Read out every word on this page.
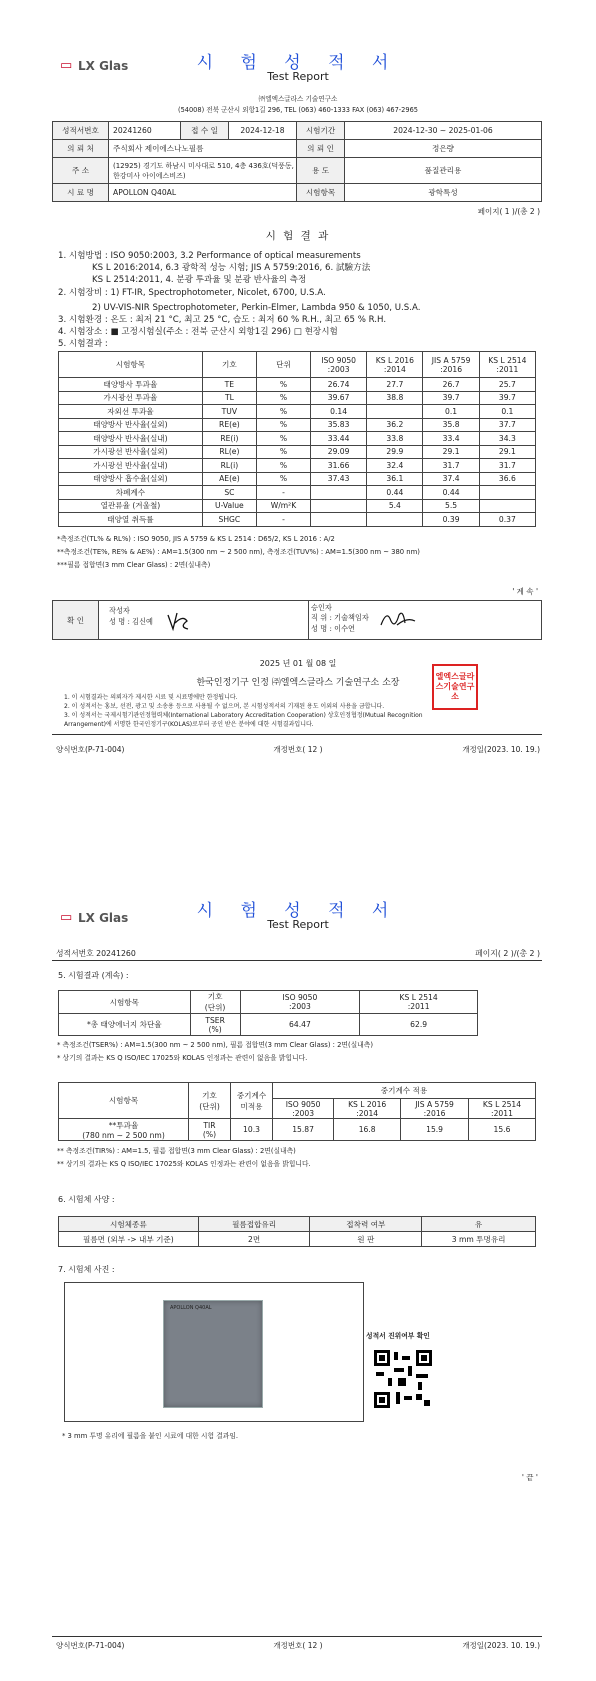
▭ LX Glas	시 험 성 적 서
Test Report
㈜엘엑스글라스 기술연구소
(54008) 전북 군산시 외항1길 296, TEL (063) 460-1333 FAX (063) 467-2965
성적서번호	20241260	접 수 일	2024-12-18	시험기간	2024-12-30 ~ 2025-01-06
의 뢰 처	주식회사 제이에스나노필름			의 뢰 인	정은량
주 소	(12925) 경기도 하남시 미사대로 510, 4층 436호(덕풍동, 한강미사 아이에스비즈)			용 도	품질관리용
시 료 명	APOLLON Q40AL			시험항목	광학특성
페이지( 1 )/(총 2 )
시 험 결 과
1. 시험방법 : ISO 9050:2003, 3.2 Performance of optical measurements
KS L 2016:2014, 6.3 광학적 성능 시험; JIS A 5759:2016, 6. 試驗方法
KS L 2514:2011, 4. 분광 투과율 및 분광 반사율의 측정
2. 시험장비 : 1) FT-IR, Spectrophotometer, Nicolet, 6700, U.S.A.
2) UV-VIS-NIR Spectrophotometer, Perkin-Elmer, Lambda 950 & 1050, U.S.A.
3. 시험환경 : 온도 : 최저 21 °C, 최고 25 °C, 습도 : 최저 60 % R.H., 최고 65 % R.H.
4. 시험장소 : ■ 고정시험실(주소 : 전북 군산시 외항1길 296) □ 현장시험
5. 시험결과 :
시험항목	기호	단위	ISO 9050
:2003	KS L 2016
:2014	JIS A 5759
:2016	KS L 2514
:2011
태양방사 투과율	TE	%	26.74	27.7	26.7	25.7
가시광선 투과율	TL	%	39.67	38.8	39.7	39.7
자외선 투과율	TUV	%	0.14		0.1	0.1
태양방사 반사율(실외)	RE(e)	%	35.83	36.2	35.8	37.7
태양방사 반사율(실내)	RE(i)	%	33.44	33.8	33.4	34.3
가시광선 반사율(실외)	RL(e)	%	29.09	29.9	29.1	29.1
가시광선 반사율(실내)	RL(i)	%	31.66	32.4	31.7	31.7
태양방사 흡수율(실외)	AE(e)	%	37.43	36.1	37.4	36.6
차폐계수	SC	-		0.44	0.44	
열관류율 (겨울철)	U-Value	W/m²K		5.4	5.5	
태양열 취득률	SHGC	-			0.39	0.37
*측정조건(TL% & RL%) : ISO 9050, JIS A 5759 & KS L 2514 : D65/2, KS L 2016 : A/2
**측정조건(TE%, RE% & AE%) : AM=1.5(300 nm ~ 2 500 nm), 측정조건(TUV%) : AM=1.5(300 nm ~ 380 nm)
***필름 접합면(3 mm Clear Glass) : 2면(실내측)
' 계 속 '
확 인
작성자
성 명 : 김신예
승인자
직 위 : 기술책임자
성 명 : 이수연
2025 년 01 월 08 일
한국인정기구 인정 ㈜엘엑스글라스 기술연구소 소장
엘엑스글라스기술연구소
1. 이 시험결과는 의뢰자가 제시한 시료 및 시료명에만 한정됩니다.
2. 이 성적서는 홍보, 선전, 광고 및 소송용 등으로 사용될 수 없으며, 본 시험성적서의 기재된 용도 이외의 사용을 금합니다.
3. 이 성적서는 국제시험기관인정협력체(International Laboratory Accreditation Cooperation) 상호인정협정(Mutual Recognition
Arrangement)에 서명한 한국인정기구(KOLAS)로부터 공인 받은 분야에 대한 시험결과입니다.
양식번호(P-71-004)	개정번호( 12 )	개정일(2023. 10. 19.)
▭ LX Glas	시 험 성 적 서
Test Report
성적서번호 20241260	페이지( 2 )/(총 2 )
5. 시험결과 (계속) :
시험항목	기호
(단위)	ISO 9050
:2003	KS L 2514
:2011
*총 태양에너지 차단율	TSER
(%)	64.47	62.9
* 측정조건(TSER%) : AM=1.5(300 nm ~ 2 500 nm), 필름 접합면(3 mm Clear Glass) : 2면(실내측)
* 상기의 결과는 KS Q ISO/IEC 17025와 KOLAS 인정과는 관련이 없음을 밝힙니다.
시험항목	기호
(단위)	중기계수
미적용	중기계수 적용			
			ISO 9050
:2003	KS L 2016
:2014	JIS A 5759
:2016	KS L 2514
:2011
**투과율
(780 nm ~ 2 500 nm)	TIR
(%)	10.3	15.87	16.8	15.9	15.6
** 측정조건(TIR%) : AM=1.5, 필름 접합면(3 mm Clear Glass) : 2면(실내측)
** 상기의 결과는 KS Q ISO/IEC 17025와 KOLAS 인정과는 관련이 없음을 밝힙니다.
6. 시험체 사양 :
시험체종류	필름접합유리	접착력 여부	유
필름면 (외부 -> 내부 기준)	2면	원 판	3 mm 투명유리
7. 시험체 사진 :
APOLLON Q40AL
성적서 진위여부 확인
* 3 mm 투명 유리에 필름을 붙인 시료에 대한 시험 결과임.
' 끝 '
양식번호(P-71-004)	개정번호( 12 )	개정일(2023. 10. 19.)
